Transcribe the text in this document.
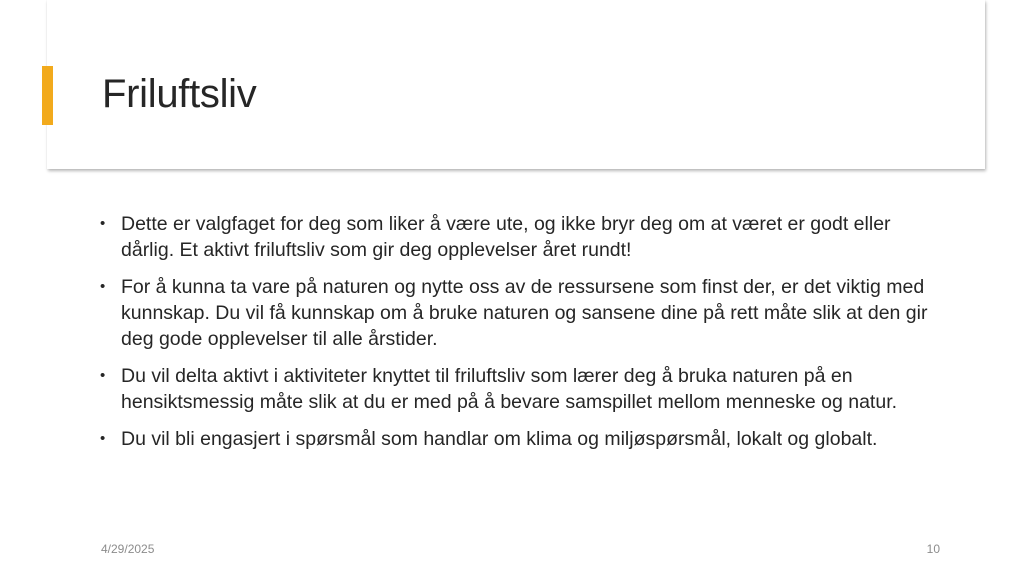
Friluftsliv
• Dette er valgfaget for deg som liker å være ute, og ikke bryr deg om at været er godt eller dårlig. Et aktivt friluftsliv som gir deg opplevelser året rundt!
• For å kunna ta vare på naturen og nytte oss av de ressursene som finst der, er det viktig med kunnskap. Du vil få kunnskap om å bruke naturen og sansene dine på rett måte slik at den gir deg gode opplevelser til alle årstider.
• Du vil delta aktivt i aktiviteter knyttet til friluftsliv som lærer deg å bruka naturen på en hensiktsmessig måte slik at du er med på å bevare samspillet mellom menneske og natur.
• Du vil bli engasjert i spørsmål som handlar om klima og miljøspørsmål, lokalt og globalt.
4/29/2025	10
